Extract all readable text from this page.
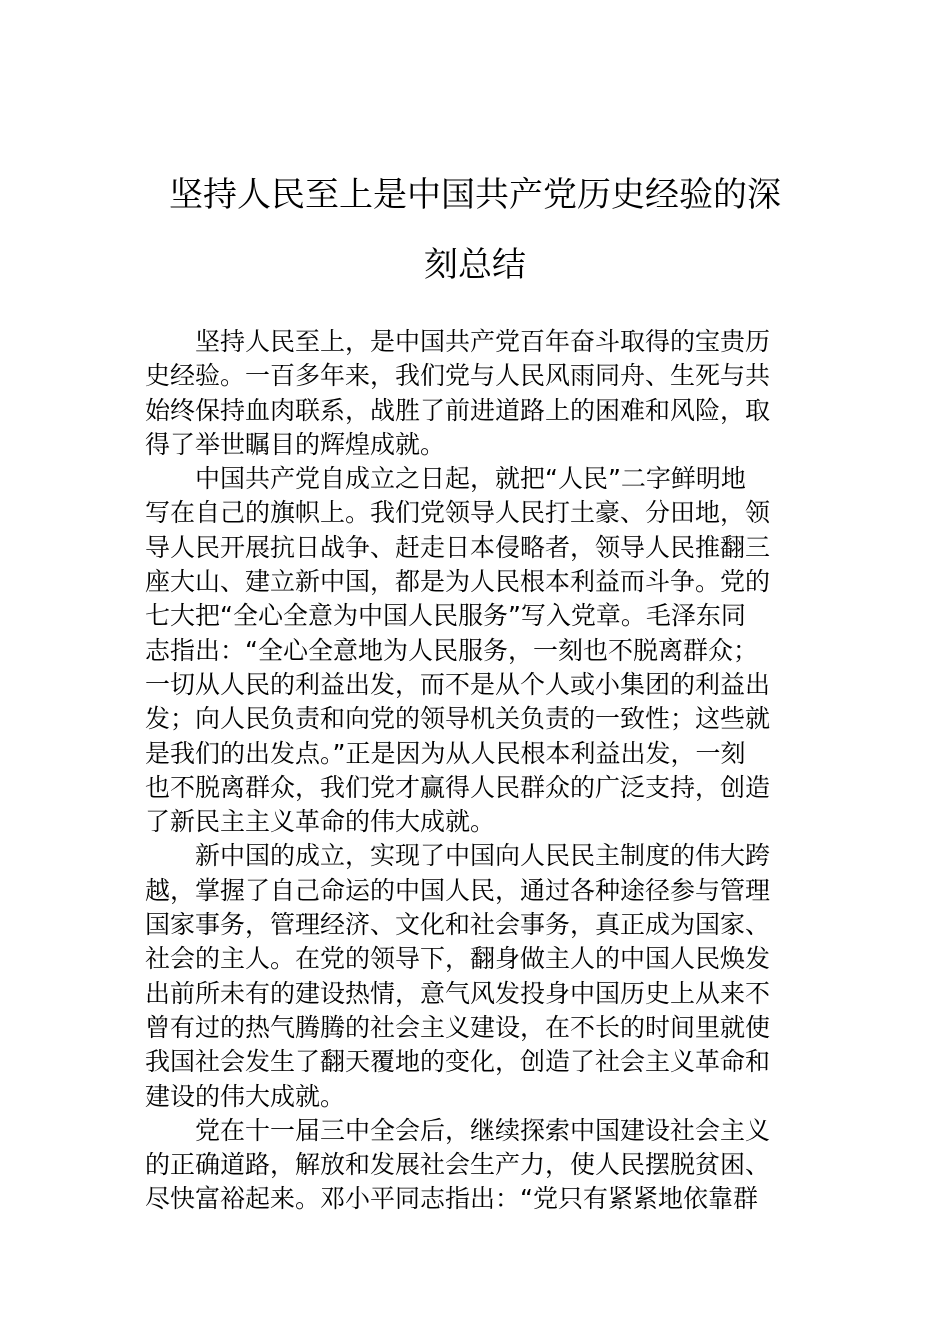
坚持人民至上是中国共产党历史经验的深
刻总结

坚持人民至上，是中国共产党百年奋斗取得的宝贵历
史经验。一百多年来，我们党与人民风雨同舟、生死与共
始终保持血肉联系，战胜了前进道路上的困难和风险，取
得了举世瞩目的辉煌成就。

中国共产党自成立之日起，就把“人民”二字鲜明地
写在自己的旗帜上。我们党领导人民打土豪、分田地，领
导人民开展抗日战争、赶走日本侵略者，领导人民推翻三
座大山、建立新中国，都是为人民根本利益而斗争。党的
七大把“全心全意为中国人民服务”写入党章。毛泽东同
志指出：“全心全意地为人民服务，一刻也不脱离群众；
一切从人民的利益出发，而不是从个人或小集团的利益出
发；向人民负责和向党的领导机关负责的一致性；这些就
是我们的出发点。”正是因为从人民根本利益出发，一刻
也不脱离群众，我们党才赢得人民群众的广泛支持，创造
了新民主主义革命的伟大成就。

新中国的成立，实现了中国向人民民主制度的伟大跨
越，掌握了自己命运的中国人民，通过各种途径参与管理
国家事务，管理经济、文化和社会事务，真正成为国家、
社会的主人。在党的领导下，翻身做主人的中国人民焕发
出前所未有的建设热情，意气风发投身中国历史上从来不
曾有过的热气腾腾的社会主义建设，在不长的时间里就使
我国社会发生了翻天覆地的变化，创造了社会主义革命和
建设的伟大成就。

党在十一届三中全会后，继续探索中国建设社会主义
的正确道路，解放和发展社会生产力，使人民摆脱贫困、
尽快富裕起来。邓小平同志指出：“党只有紧紧地依靠群
